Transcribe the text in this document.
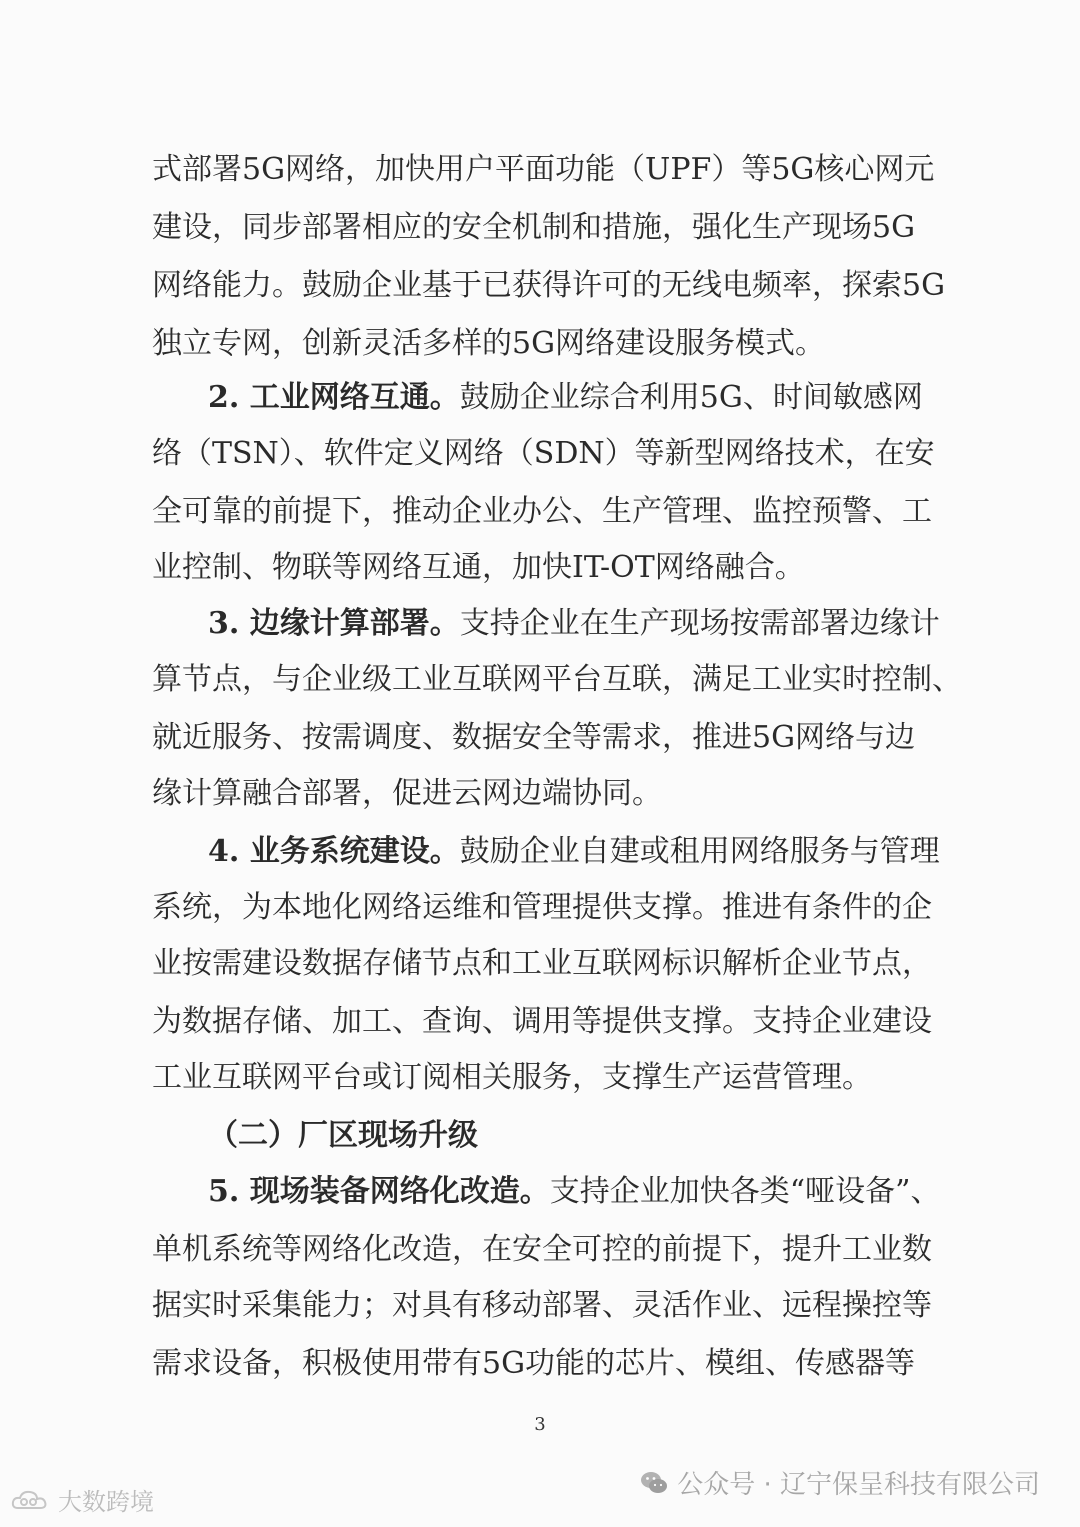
式部署5G网络，加快用户平面功能（UPF）等5G核心网元
建设，同步部署相应的安全机制和措施，强化生产现场5G
网络能力。鼓励企业基于已获得许可的无线电频率，探索5G
独立专网，创新灵活多样的5G网络建设服务模式。
2. 工业网络互通。鼓励企业综合利用5G、时间敏感网
络（TSN）、软件定义网络（SDN）等新型网络技术，在安
全可靠的前提下，推动企业办公、生产管理、监控预警、工
业控制、物联等网络互通，加快IT-OT网络融合。
3. 边缘计算部署。支持企业在生产现场按需部署边缘计
算节点，与企业级工业互联网平台互联，满足工业实时控制、
就近服务、按需调度、数据安全等需求，推进5G网络与边
缘计算融合部署，促进云网边端协同。
4. 业务系统建设。鼓励企业自建或租用网络服务与管理
系统，为本地化网络运维和管理提供支撑。推进有条件的企
业按需建设数据存储节点和工业互联网标识解析企业节点，
为数据存储、加工、查询、调用等提供支撑。支持企业建设
工业互联网平台或订阅相关服务，支撑生产运营管理。
（二）厂区现场升级
5. 现场装备网络化改造。支持企业加快各类“哑设备”、
单机系统等网络化改造，在安全可控的前提下，提升工业数
据实时采集能力；对具有移动部署、灵活作业、远程操控等
需求设备，积极使用带有5G功能的芯片、模组、传感器等
3
公众号 · 辽宁保呈科技有限公司
大数跨境
